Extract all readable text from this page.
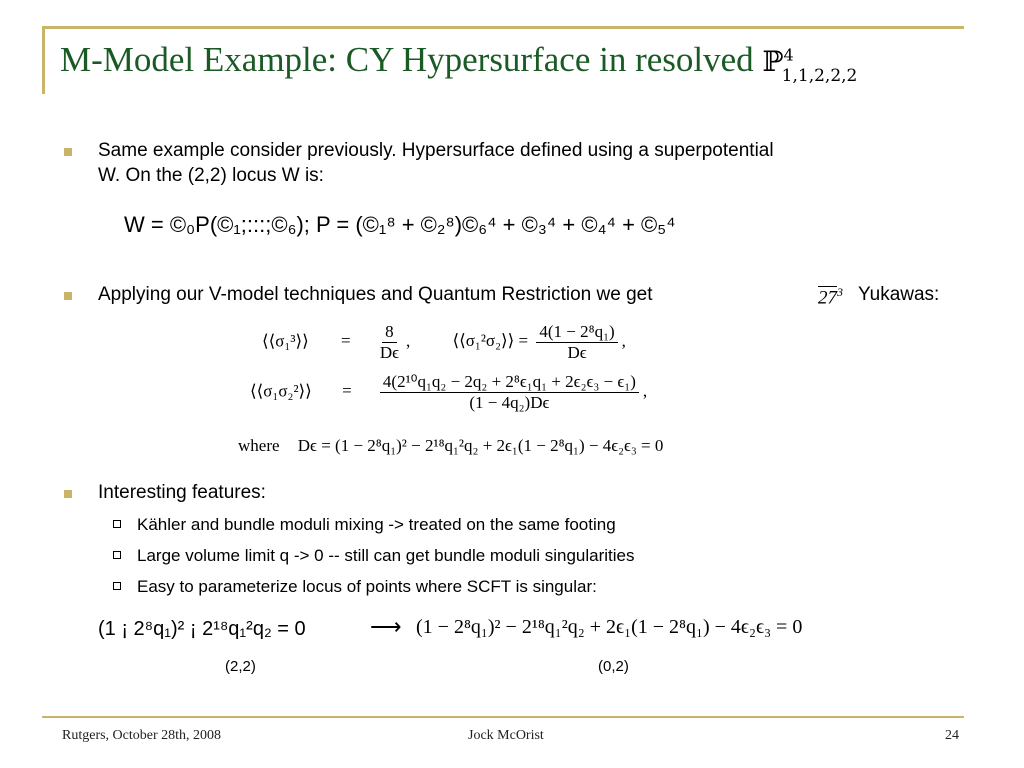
M-Model Example: CY Hypersurface in resolved ℙ$^4_{1,1,2,2,2}$
Same example consider previously. Hypersurface defined using a superpotential
W. On the (2,2) locus W is:
W = ©₀P(©₁;:::;©₆); P = (©₁⁸ + ©₂⁸)©₆⁴ + ©₃⁴ + ©₄⁴ + ©₅⁴
Applying our V-model techniques and Quantum Restriction we get	$27^3$ Yukawas:
⟨⟨σ₁³⟩⟩ = $\frac{8}{D\epsilon}$ , ⟨⟨σ₁²σ₂⟩⟩ = $\frac{\text{4(1 − 2⁸q₁)}}{D\epsilon}$ ,
⟨⟨σ₁σ₂²⟩⟩ = $\frac{\text{4(2¹⁰q₁q₂ − 2q₂ + 2⁸ϵ₁q₁ + 2ϵ₂ϵ₃ − ϵ₁)}}{\text{(1 − 4q₂)Dϵ}}$ ,
where Dϵ = (1 − 2⁸q₁)² − 2¹⁸q₁²q₂ + 2ϵ₁(1 − 2⁸q₁) − 4ϵ₂ϵ₃ = 0
Interesting features:
Kähler and bundle moduli mixing -> treated on the same footing
Large volume limit q -> 0 -- still can get bundle moduli singularities
Easy to parameterize locus of points where SCFT is singular:
(1 ¡ 2⁸q₁)² ¡ 2¹⁸q₁²q₂ = 0	⟶ (1 − 2⁸q₁)² − 2¹⁸q₁²q₂ + 2ϵ₁(1 − 2⁸q₁) − 4ϵ₂ϵ₃ = 0
(2,2)	(0,2)
Rutgers, October 28th, 2008	Jock McOrist	24
